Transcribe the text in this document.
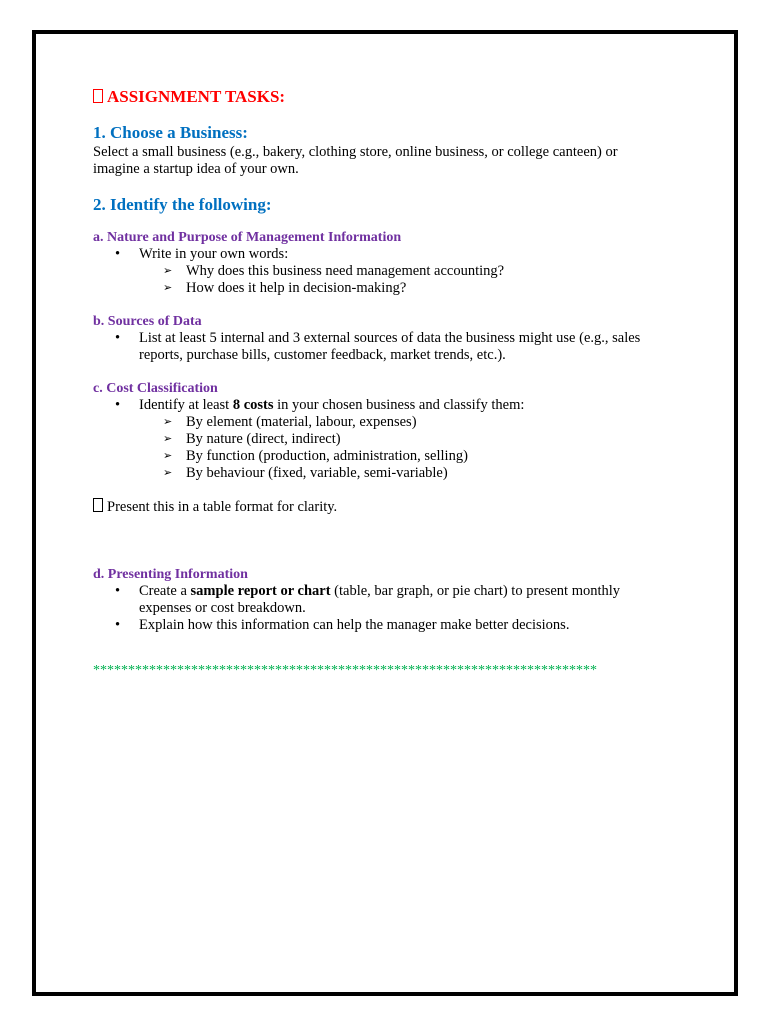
ASSIGNMENT TASKS:

1. Choose a Business:

Select a small business (e.g., bakery, clothing store, online business, or college canteen) or
imagine a startup idea of your own.

2. Identify the following:

a. Nature and Purpose of Management Information

• Write in your own words:
➢ Why does this business need management accounting?
➢ How does it help in decision-making?

b. Sources of Data

• List at least 5 internal and 3 external sources of data the business might use (e.g., sales
reports, purchase bills, customer feedback, market trends, etc.).

c. Cost Classification

• Identify at least 8 costs in your chosen business and classify them:
➢ By element (material, labour, expenses)
➢ By nature (direct, indirect)
➢ By function (production, administration, selling)
➢ By behaviour (fixed, variable, semi-variable)

Present this in a table format for clarity.

d. Presenting Information

• Create a sample report or chart (table, bar graph, or pie chart) to present monthly
expenses or cost breakdown.
• Explain how this information can help the manager make better decisions.

************************************************************************
